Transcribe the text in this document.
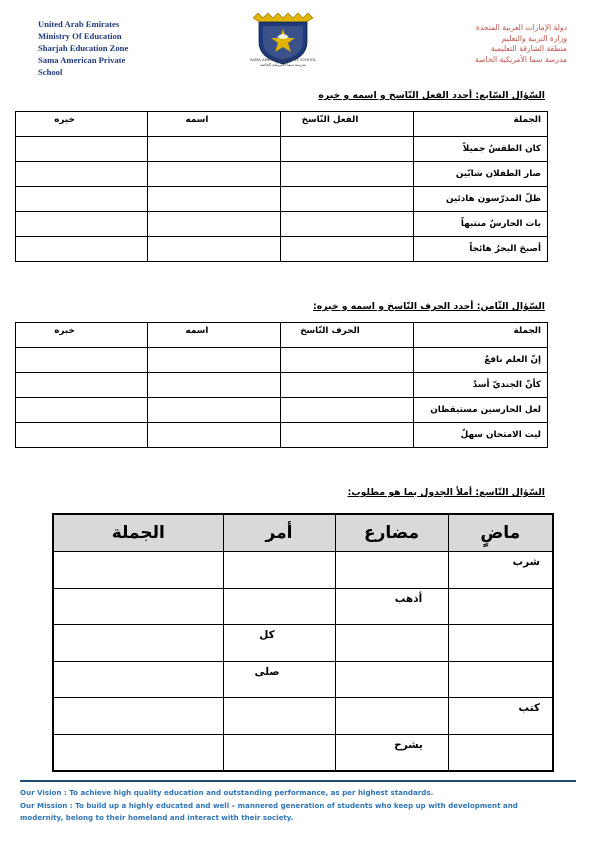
United Arab Emirates
Ministry Of Education
Sharjah Education Zone
Sama American Private
School
SAMA AMERICAN PRIVATE SCHOOL
مدرسة سما الأمريكية الخاصة
دولة الإمارات العربية المتحدة
وزارة التربية والتعليم
منطقة الشارقة التعليمية
مدرسة سما الأمريكية الخاصة
السّؤال السّابع: أحدد الفعل النّاسخ و اسمه و خبره
الجملة	الفعل النّاسخ	اسمه	خبره
كان الطقسُ جميلاً			
صار الطفلان شابّين			
ظلّ المدرّسون هادئين			
بات الحارسُ منتبهاً			
أصبحَ البحرُ هائجاً			
السّؤال الثّامن: أحدد الحرف النّاسخ و اسمه و خبره:
الجملة	الحرف النّاسخ	اسمه	خبره
إنّ العلم نافعٌ			
كأنّ الجنديّ أسدٌ			
لعل الحارسين مستيقظان			
ليت الامتحان سهلٌ			
السّؤال التّاسع: أملأ الجدول بما هو مطلوب:
ماضٍ	مضارع	أمر	الجملة
شرب			
	أذهب		
		كل	
		صلى	
كتب			
	يشرح		
Our Vision : To achieve high quality education and outstanding performance, as per highest standards.
Our Mission : To build up a highly educated and well – mannered generation of students who keep up with development and modernity, belong to their homeland and interact with their society.
